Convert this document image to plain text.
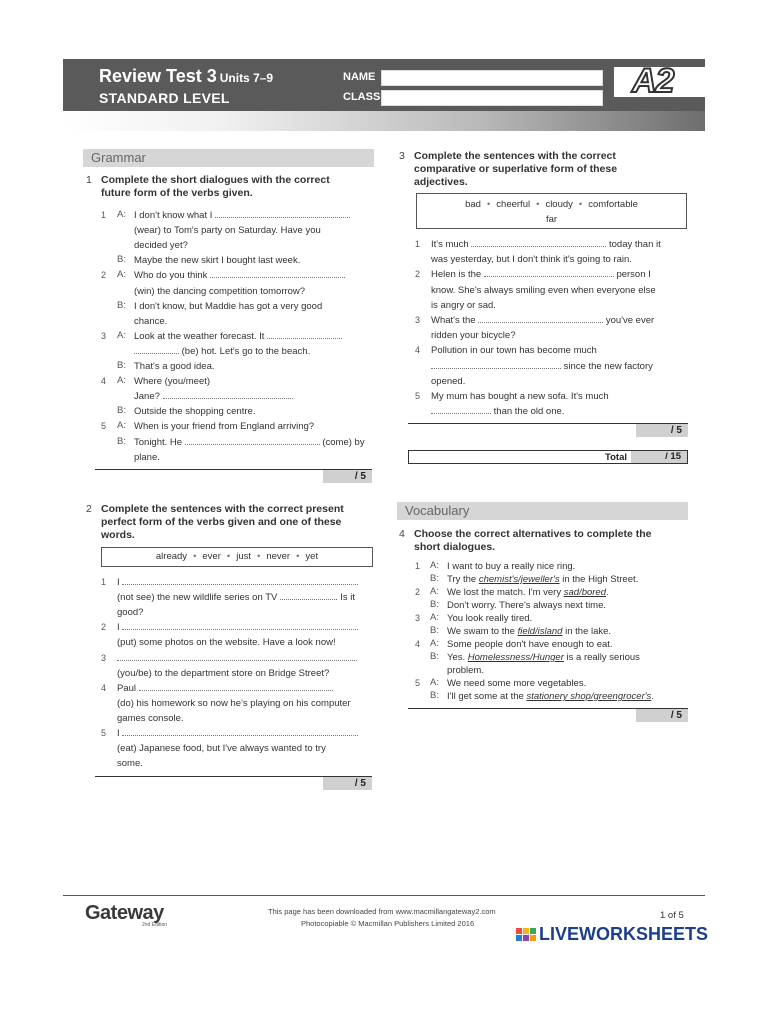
Review Test 3 Units 7–9
STANDARD LEVEL
NAME
CLASS	A2
Grammar
1 Complete the short dialogues with the correct
future form of the verbs given.
1 A: I don't know what I
(wear) to Tom's party on Saturday. Have you
decided yet?
B: Maybe the new skirt I bought last week.
2 A: Who do you think
(win) the dancing competition tomorrow?
B: I don't know, but Maddie has got a very good
chance.
3 A: Look at the weather forecast. It
(be) hot. Let's go to the beach.
B: That's a good idea.
4 A: Where (you/meet)
Jane?
B: Outside the shopping centre.
5 A: When is your friend from England arriving?
B: Tonight. He	(come) by
plane.
/ 5
2 Complete the sentences with the correct present
perfect form of the verbs given and one of these
words.
already • ever • just • never • yet
1 I
(not see) the new wildlife series on TV	. Is it
good?
2 I
(put) some photos on the website. Have a look now!
3
(you/be) to the department store on Bridge Street?
4 Paul
(do) his homework so now he's playing on his computer
games console.
5 I
(eat) Japanese food, but I've always wanted to try
some.
/ 5
3 Complete the sentences with the correct
comparative or superlative form of these
adjectives.
bad • cheerful • cloudy • comfortable
far
1 It's much	today than it
was yesterday, but I don't think it's going to rain.
2 Helen is the	person I
know. She's always smiling even when everyone else
is angry or sad.
3 What's the	you've ever
ridden your bicycle?
4 Pollution in our town has become much
since the new factory
opened.
5 My mum has bought a new sofa. It's much
than the old one.
/ 5
Total	/ 15
Vocabulary
4 Choose the correct alternatives to complete the
short dialogues.
1 A: I want to buy a really nice ring.
B: Try the chemist's/jeweller's in the High Street.
2 A: We lost the match. I'm very sad/bored.
B: Don't worry. There's always next time.
3 A: You look really tired.
B: We swam to the field/island in the lake.
4 A: Some people don't have enough to eat.
B: Yes. Homelessness/Hunger is a really serious
problem.
5 A: We need some more vegetables.
B: I'll get some at the stationery shop/greengrocer's.
/ 5
Gateway
2nd Edition
This page has been downloaded from www.macmillangateway2.com
Photocopiable © Macmillan Publishers Limited 2016
1 of 5
LIVEWORKSHEETS
